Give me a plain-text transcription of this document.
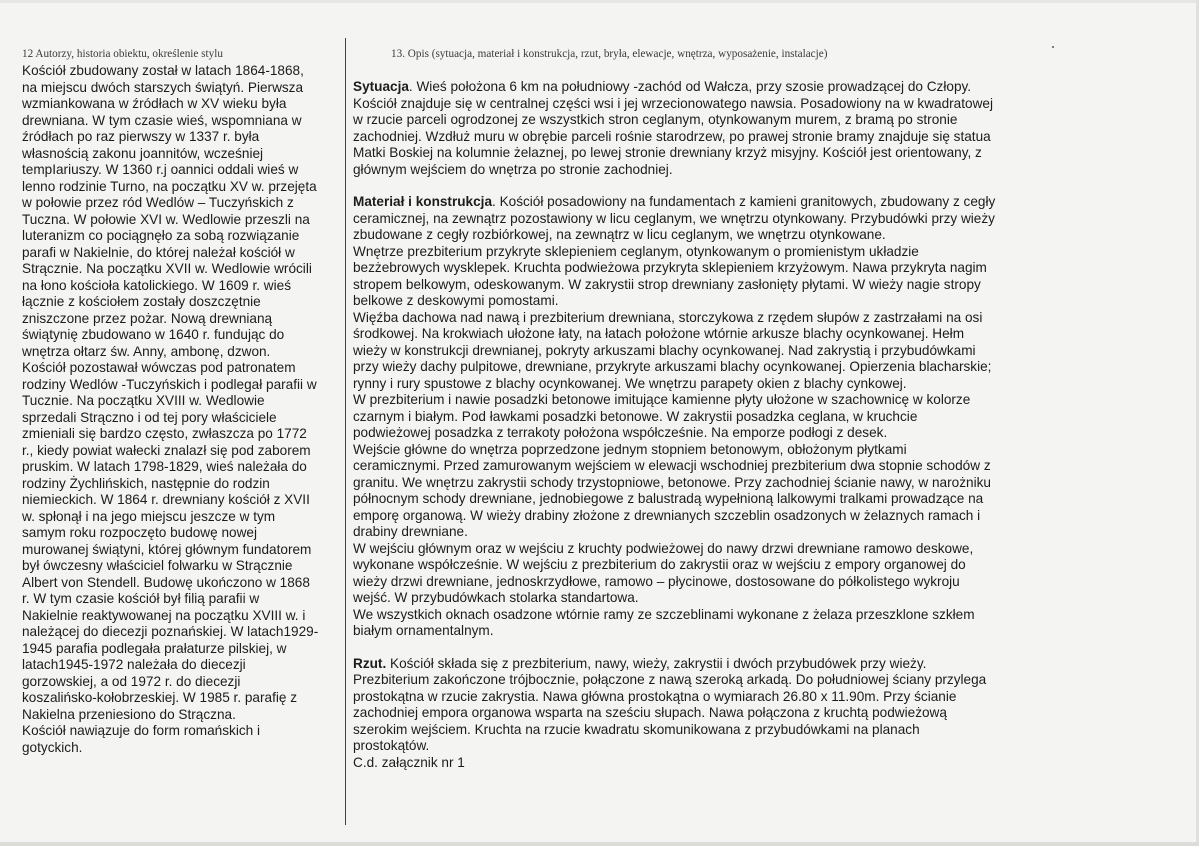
12 Autorzy, historia obiektu, określenie stylu

Kościół zbudowany został w latach 1864-1868,
na miejscu dwóch starszych świątyń. Pierwsza
wzmiankowana w źródłach w XV wieku była
drewniana. W tym czasie wieś, wspomniana w
źródłach po raz pierwszy w 1337 r. była
własnością zakonu joannitów, wcześniej
tempIariuszy. W 1360 r.j oannici oddali wieś w
lenno rodzinie Turno, na początku XV w. przejęta
w połowie przez ród Wedlów – Tuczyńskich z
Tuczna. W połowie XVI w. Wedlowie przeszli na
luteranizm co pociągnęło za sobą rozwiązanie
parafi w Nakielnie, do której należał kościół w
Strącznie. Na początku XVII w. Wedlowie wrócili
na łono kościoła katolickiego. W 1609 r. wieś
łącznie z kościołem zostały doszczętnie
zniszczone przez pożar. Nową drewnianą
świątynię zbudowano w 1640 r. fundując do
wnętrza ołtarz św. Anny, ambonę, dzwon.
Kościół pozostawał wówczas pod patronatem
rodziny Wedlów -Tuczyńskich i podlegał parafii w
Tucznie. Na początku XVIII w. Wedlowie
sprzedali Strączno i od tej pory właściciele
zmieniali się bardzo często, zwłaszcza po 1772
r., kiedy powiat wałecki znalazł się pod zaborem
pruskim. W latach 1798-1829, wieś należała do
rodziny Żychlińskich, następnie do rodzin
niemieckich. W 1864 r. drewniany kościół z XVII
w. spłonął i na jego miejscu jeszcze w tym
samym roku rozpoczęto budowę nowej
murowanej świątyni, której głównym fundatorem
był ówczesny właściciel folwarku w Strącznie
Albert von Stendell. Budowę ukończono w 1868
r. W tym czasie kościół był filią parafii w
Nakielnie reaktywowanej na początku XVIII w. i
należącej do diecezji poznańskiej. W latach1929-
1945 parafia podlegała prałaturze pilskiej, w
latach1945-1972 należała do diecezji
gorzowskiej, a od 1972 r. do diecezji
koszalińsko-kołobrzeskiej. W 1985 r. parafię z
Nakielna przeniesiono do Strączna.
Kościół nawiązuje do form romańskich i
gotyckich.

13. Opis (sytuacja, materiał i konstrukcja, rzut, bryła, elewacje, wnętrza, wyposażenie, instalacje)

Sytuacja. Wieś położona 6 km na południowy -zachód od Wałcza, przy szosie prowadzącej do Człopy.
Kościół znajduje się w centralnej części wsi i jej wrzecionowatego nawsia. Posadowiony na w kwadratowej
w rzucie parceli ogrodzonej ze wszystkich stron ceglanym, otynkowanym murem, z bramą po stronie
zachodniej. Wzdłuż muru w obrębie parceli rośnie starodrzew, po prawej stronie bramy znajduje się statua
Matki Boskiej na kolumnie żelaznej, po lewej stronie drewniany krzyż misyjny. Kościół jest orientowany, z
głównym wejściem do wnętrza po stronie zachodniej.

Materiał i konstrukcja. Kościół posadowiony na fundamentach z kamieni granitowych, zbudowany z cegły
ceramicznej, na zewnątrz pozostawiony w licu ceglanym, we wnętrzu otynkowany. Przybudówki przy wieży
zbudowane z cegły rozbiórkowej, na zewnątrz w licu ceglanym, we wnętrzu otynkowane.
Wnętrze prezbiterium przykryte sklepieniem ceglanym, otynkowanym o promienistym układzie
bezżebrowych wysklepek. Kruchta podwieżowa przykryta sklepieniem krzyżowym. Nawa przykryta nagim
stropem belkowym, odeskowanym. W zakrystii strop drewniany zasłonięty płytami. W wieży nagie stropy
belkowe z deskowymi pomostami.
Więźba dachowa nad nawą i prezbiterium drewniana, storczykowa z rzędem słupów z zastrzałami na osi
środkowej. Na krokwiach ułożone łaty, na łatach położone wtórnie arkusze blachy ocynkowanej. Hełm
wieży w konstrukcji drewnianej, pokryty arkuszami blachy ocynkowanej. Nad zakrystią i przybudówkami
przy wieży dachy pulpitowe, drewniane, przykryte arkuszami blachy ocynkowanej. Opierzenia blacharskie;
rynny i rury spustowe z blachy ocynkowanej. We wnętrzu parapety okien z blachy cynkowej.
W prezbiterium i nawie posadzki betonowe imitujące kamienne płyty ułożone w szachownicę w kolorze
czarnym i białym. Pod ławkami posadzki betonowe. W zakrystii posadzka ceglana, w kruchcie
podwieżowej posadzka z terrakoty położona współcześnie. Na emporze podłogi z desek.
Wejście główne do wnętrza poprzedzone jednym stopniem betonowym, obłożonym płytkami
ceramicznymi. Przed zamurowanym wejściem w elewacji wschodniej prezbiterium dwa stopnie schodów z
granitu. We wnętrzu zakrystii schody trzystopniowe, betonowe. Przy zachodniej ścianie nawy, w narożniku
północnym schody drewniane, jednobiegowe z balustradą wypełnioną lalkowymi tralkami prowadzące na
emporę organową. W wieży drabiny złożone z drewnianych szczeblin osadzonych w żelaznych ramach i
drabiny drewniane.
W wejściu głównym oraz w wejściu z kruchty podwieżowej do nawy drzwi drewniane ramowo deskowe,
wykonane współcześnie. W wejściu z prezbiterium do zakrystii oraz w wejściu z empory organowej do
wieży drzwi drewniane, jednoskrzydłowe, ramowo – płycinowe, dostosowane do półkolistego wykroju
wejść. W przybudówkach stolarka standartowa.
We wszystkich oknach osadzone wtórnie ramy ze szczeblinami wykonane z żelaza przeszklone szkłem
białym ornamentalnym.

Rzut. Kościół składa się z prezbiterium, nawy, wieży, zakrystii i dwóch przybudówek przy wieży.
Prezbiterium zakończone trójbocznie, połączone z nawą szeroką arkadą. Do południowej ściany przylega
prostokątna w rzucie zakrystia. Nawa główna prostokątna o wymiarach 26.80 x 11.90m. Przy ścianie
zachodniej empora organowa wsparta na sześciu słupach. Nawa połączona z kruchtą podwieżową
szerokim wejściem. Kruchta na rzucie kwadratu skomunikowana z przybudówkami na planach
prostokątów.
C.d. załącznik nr 1
